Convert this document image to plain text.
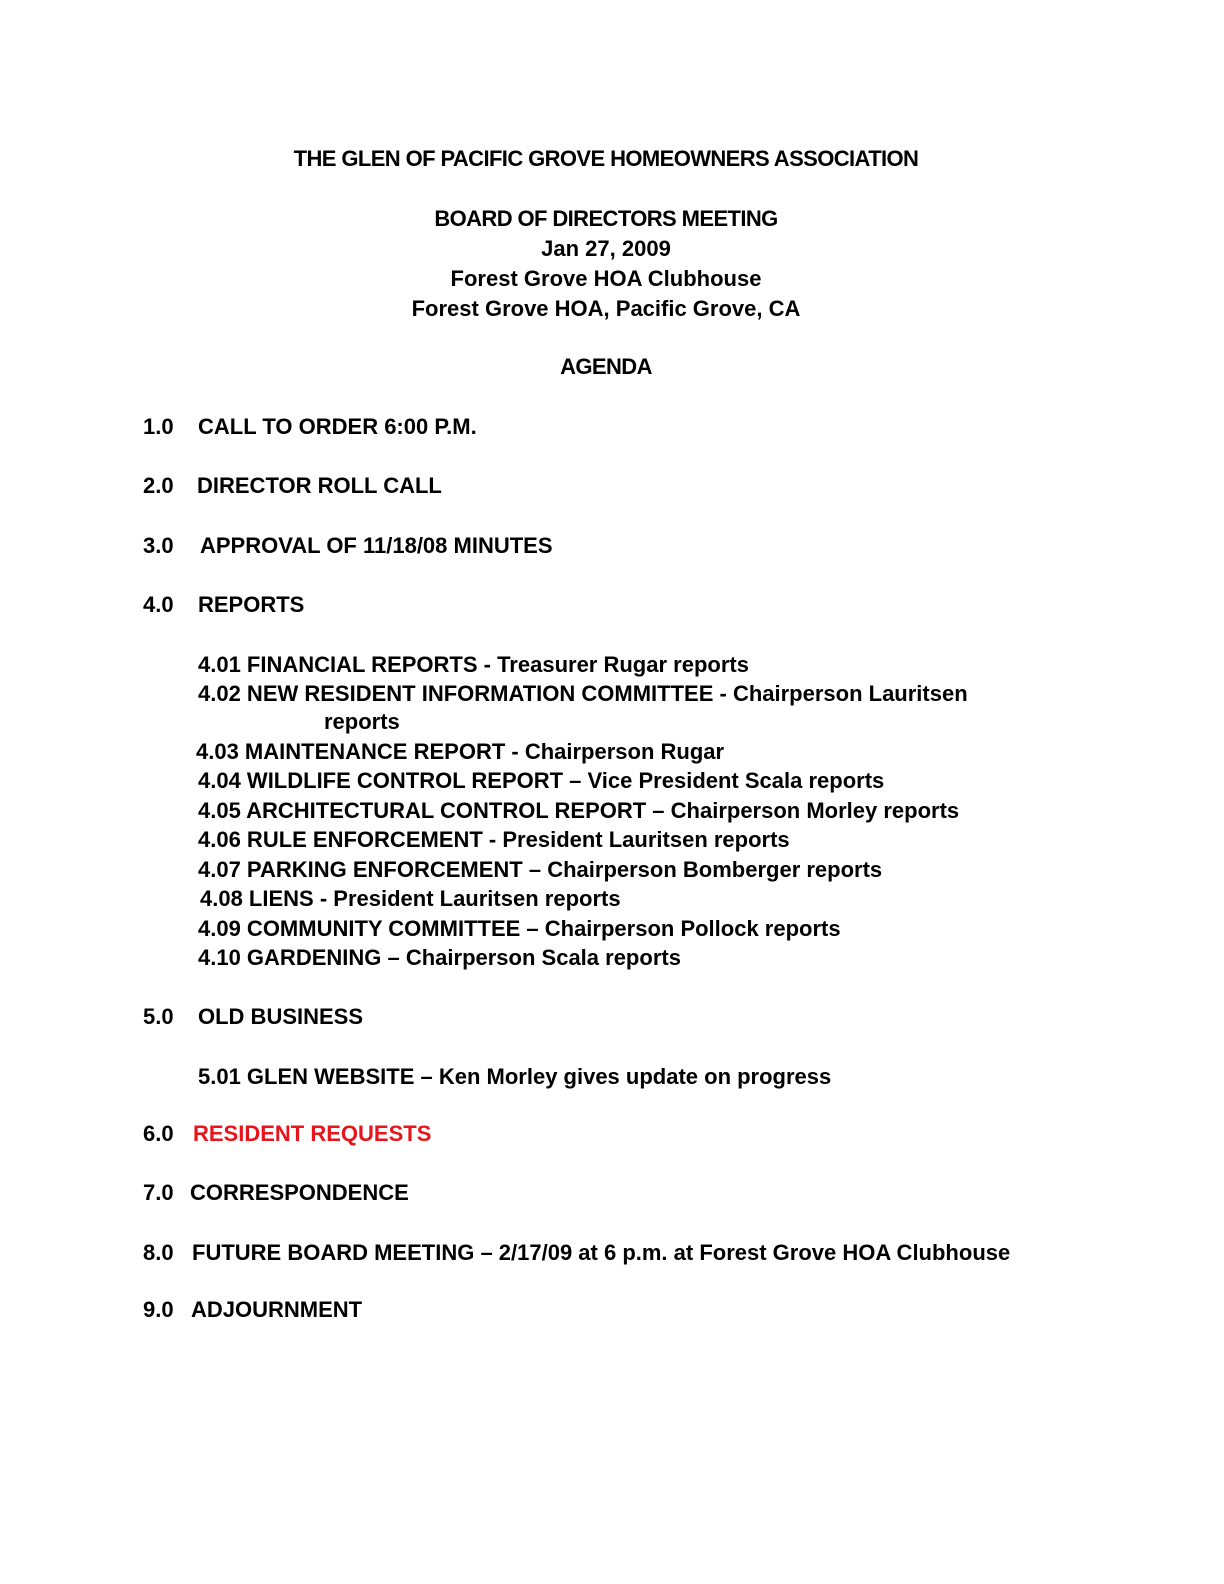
THE GLEN OF PACIFIC GROVE HOMEOWNERS ASSOCIATION
BOARD OF DIRECTORS MEETING
Jan 27, 2009
Forest Grove HOA Clubhouse
Forest Grove HOA, Pacific Grove, CA
AGENDA
1.0 CALL TO ORDER 6:00 P.M.
2.0 DIRECTOR ROLL CALL
3.0 APPROVAL OF 11/18/08 MINUTES
4.0 REPORTS
4.01 FINANCIAL REPORTS - Treasurer Rugar reports
4.02 NEW RESIDENT INFORMATION COMMITTEE - Chairperson Lauritsen
reports
4.03 MAINTENANCE REPORT - Chairperson Rugar
4.04 WILDLIFE CONTROL REPORT – Vice President Scala reports
4.05 ARCHITECTURAL CONTROL REPORT – Chairperson Morley reports
4.06 RULE ENFORCEMENT - President Lauritsen reports
4.07 PARKING ENFORCEMENT – Chairperson Bomberger reports
4.08 LIENS - President Lauritsen reports
4.09 COMMUNITY COMMITTEE – Chairperson Pollock reports
4.10 GARDENING – Chairperson Scala reports
5.0 OLD BUSINESS
5.01 GLEN WEBSITE – Ken Morley gives update on progress
6.0 RESIDENT REQUESTS
7.0 CORRESPONDENCE
8.0 FUTURE BOARD MEETING – 2/17/09 at 6 p.m. at Forest Grove HOA Clubhouse
9.0 ADJOURNMENT
